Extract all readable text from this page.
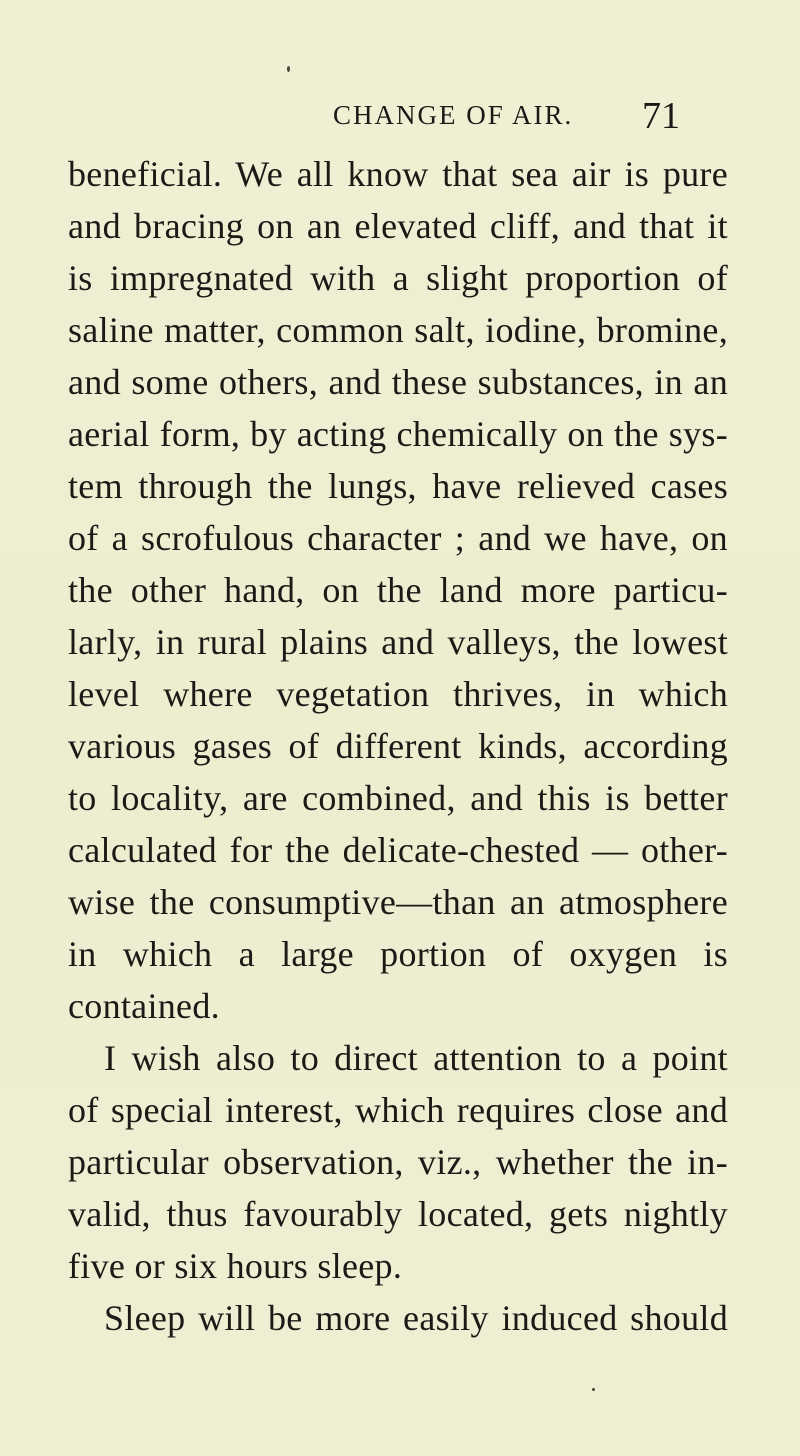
CHANGE OF AIR. 71
beneficial. We all know that sea air is pure
and bracing on an elevated cliff, and that it
is impregnated with a slight proportion of
saline matter, common salt, iodine, bromine,
and some others, and these substances, in an
aerial form, by acting chemically on the sys-
tem through the lungs, have relieved cases
of a scrofulous character ; and we have, on
the other hand, on the land more particu-
larly, in rural plains and valleys, the lowest
level where vegetation thrives, in which
various gases of different kinds, according
to locality, are combined, and this is better
calculated for the delicate-chested — other-
wise the consumptive—than an atmosphere
in which a large portion of oxygen is
contained.
I wish also to direct attention to a point
of special interest, which requires close and
particular observation, viz., whether the in-
valid, thus favourably located, gets nightly
five or six hours sleep.
Sleep will be more easily induced should
